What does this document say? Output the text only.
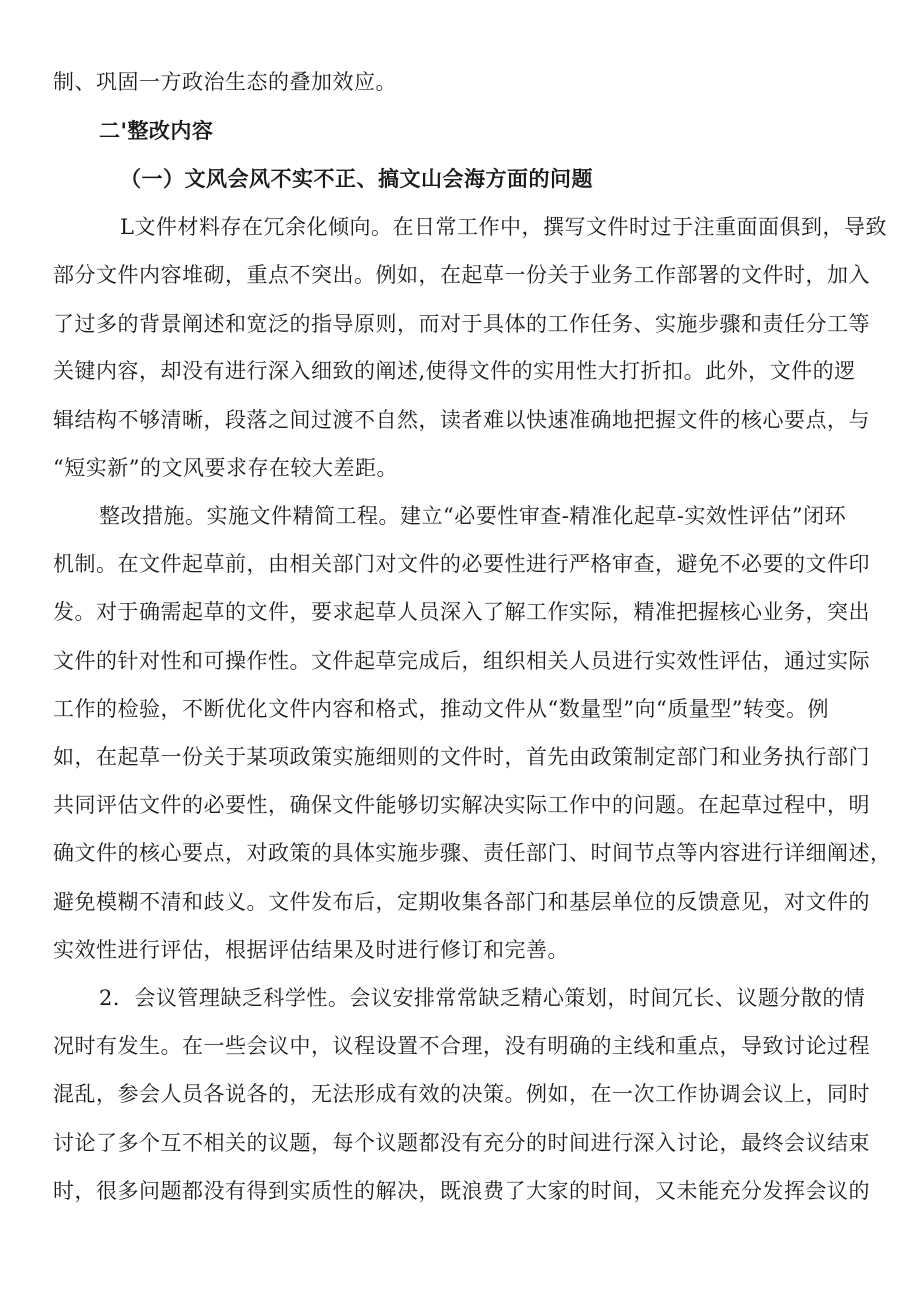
制、巩固一方政治生态的叠加效应。
二'整改内容
（一）文风会风不实不正、搞文山会海方面的问题
L文件材料存在冗余化倾向。在日常工作中，撰写文件时过于注重面面俱到，导致
部分文件内容堆砌，重点不突出。例如，在起草一份关于业务工作部署的文件时，加入
了过多的背景阐述和宽泛的指导原则，而对于具体的工作任务、实施步骤和责任分工等
关键内容，却没有进行深入细致的阐述,使得文件的实用性大打折扣。此外，文件的逻
辑结构不够清晰，段落之间过渡不自然，读者难以快速准确地把握文件的核心要点，与
“短实新”的文风要求存在较大差距。
整改措施。实施文件精简工程。建立“必要性审查-精准化起草-实效性评估”闭环
机制。在文件起草前，由相关部门对文件的必要性进行严格审查，避免不必要的文件印
发。对于确需起草的文件，要求起草人员深入了解工作实际，精准把握核心业务，突出
文件的针对性和可操作性。文件起草完成后，组织相关人员进行实效性评估，通过实际
工作的检验，不断优化文件内容和格式，推动文件从“数量型”向“质量型”转变。例
如，在起草一份关于某项政策实施细则的文件时，首先由政策制定部门和业务执行部门
共同评估文件的必要性，确保文件能够切实解决实际工作中的问题。在起草过程中，明
确文件的核心要点，对政策的具体实施步骤、责任部门、时间节点等内容进行详细阐述，
避免模糊不清和歧义。文件发布后，定期收集各部门和基层单位的反馈意见，对文件的
实效性进行评估，根据评估结果及时进行修订和完善。
2．会议管理缺乏科学性。会议安排常常缺乏精心策划，时间冗长、议题分散的情
况时有发生。在一些会议中，议程设置不合理，没有明确的主线和重点，导致讨论过程
混乱，参会人员各说各的，无法形成有效的决策。例如，在一次工作协调会议上，同时
讨论了多个互不相关的议题，每个议题都没有充分的时间进行深入讨论，最终会议结束
时，很多问题都没有得到实质性的解决，既浪费了大家的时间，又未能充分发挥会议的
